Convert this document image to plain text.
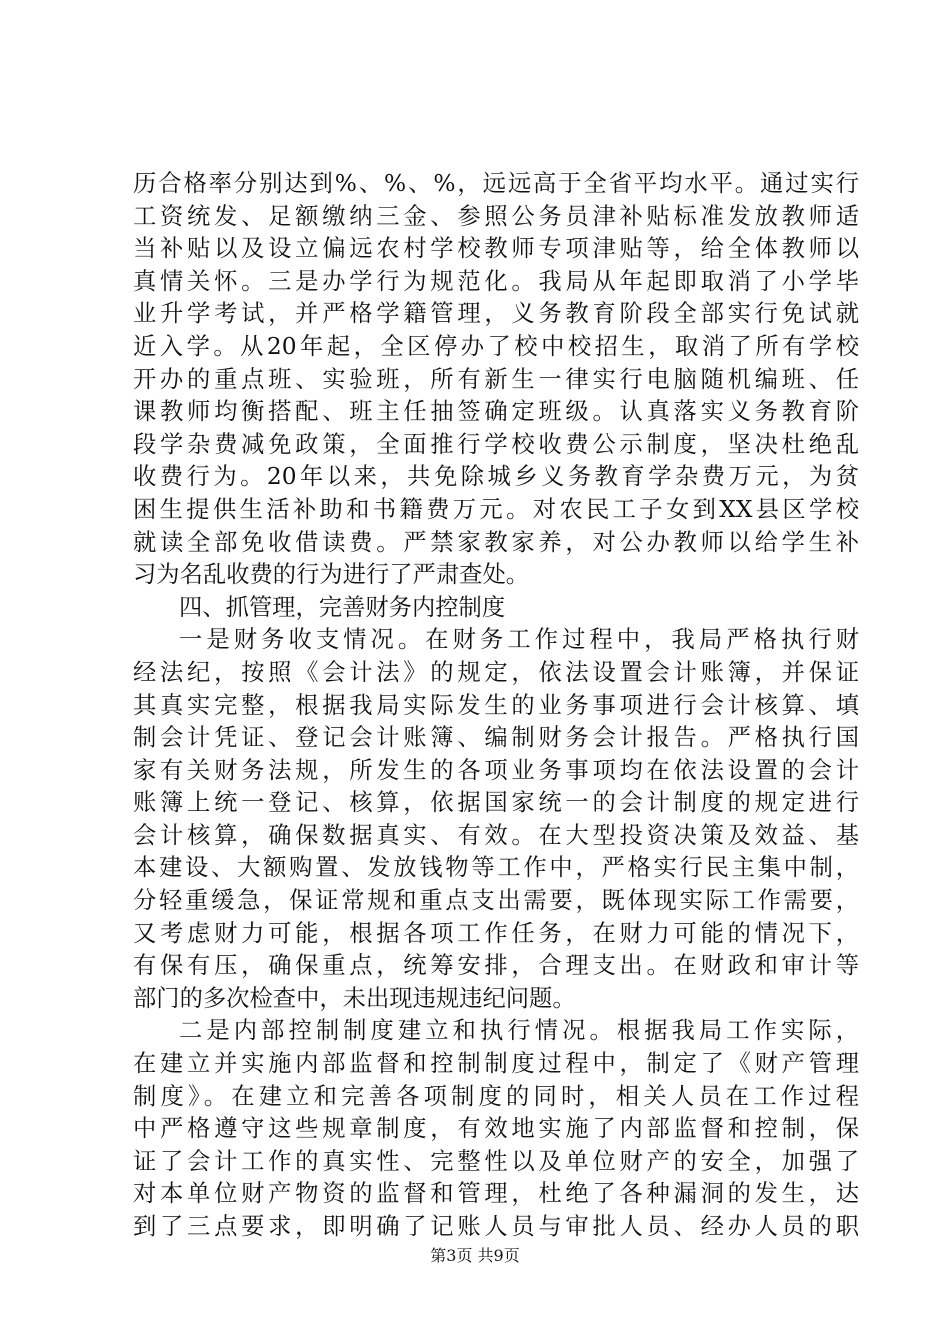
历合格率分别达到%、%、%，远远高于全省平均水平。通过实行
工资统发、足额缴纳三金、参照公务员津补贴标准发放教师适
当补贴以及设立偏远农村学校教师专项津贴等，给全体教师以
真情关怀。三是办学行为规范化。我局从年起即取消了小学毕
业升学考试，并严格学籍管理，义务教育阶段全部实行免试就
近入学。从20年起，全区停办了校中校招生，取消了所有学校
开办的重点班、实验班，所有新生一律实行电脑随机编班、任
课教师均衡搭配、班主任抽签确定班级。认真落实义务教育阶
段学杂费减免政策，全面推行学校收费公示制度，坚决杜绝乱
收费行为。20年以来，共免除城乡义务教育学杂费万元，为贫
困生提供生活补助和书籍费万元。对农民工子女到XX县区学校
就读全部免收借读费。严禁家教家养，对公办教师以给学生补
习为名乱收费的行为进行了严肃查处。
四、抓管理，完善财务内控制度
一是财务收支情况。在财务工作过程中，我局严格执行财
经法纪，按照《会计法》的规定，依法设置会计账簿，并保证
其真实完整，根据我局实际发生的业务事项进行会计核算、填
制会计凭证、登记会计账簿、编制财务会计报告。严格执行国
家有关财务法规，所发生的各项业务事项均在依法设置的会计
账簿上统一登记、核算，依据国家统一的会计制度的规定进行
会计核算，确保数据真实、有效。在大型投资决策及效益、基
本建设、大额购置、发放钱物等工作中，严格实行民主集中制，
分轻重缓急，保证常规和重点支出需要，既体现实际工作需要，
又考虑财力可能，根据各项工作任务，在财力可能的情况下，
有保有压，确保重点，统筹安排，合理支出。在财政和审计等
部门的多次检查中，未出现违规违纪问题。
二是内部控制制度建立和执行情况。根据我局工作实际，
在建立并实施内部监督和控制制度过程中，制定了《财产管理
制度》。在建立和完善各项制度的同时，相关人员在工作过程
中严格遵守这些规章制度，有效地实施了内部监督和控制，保
证了会计工作的真实性、完整性以及单位财产的安全，加强了
对本单位财产物资的监督和管理，杜绝了各种漏洞的发生，达
到了三点要求，即明确了记账人员与审批人员、经办人员的职
第3页 共9页
